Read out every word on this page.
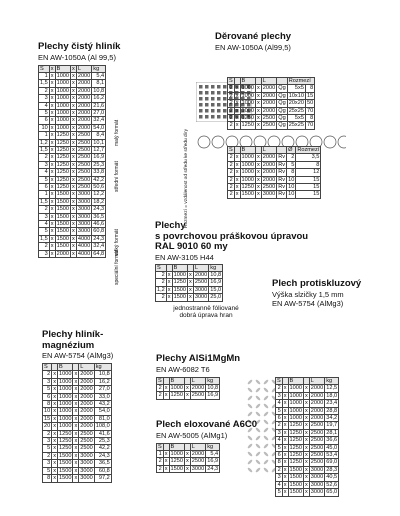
Plechy čistý hliník
EN AW-1050A (Al 99,5)
S	x	B	x	L	kg
1	x	1000	x	2000	5,4
1,5	x	1000	x	2000	8,1
2	x	1000	x	2000	10,8
3	x	1000	x	2000	16,2
4	x	1000	x	2000	21,6
5	x	1000	x	2000	27,0
6	x	1000	x	2000	32,4
10	x	1000	x	2000	54,0
1	x	1250	x	2500	8,4
1,2	x	1250	x	2500	10,1
1,5	x	1250	x	2500	12,7
2	x	1250	x	2500	16,9
3	x	1250	x	2500	25,3
4	x	1250	x	2500	33,8
5	x	1250	x	2500	42,2
6	x	1250	x	2500	50,6
1	x	1500	x	3000	12,2
1,5	x	1500	x	3000	18,2
2	x	1500	x	3000	24,3
3	x	1500	x	3000	36,5
4	x	1500	x	3000	46,6
5	x	1500	x	3000	60,8
1,5	x	1500	x	4000	24,3
2	x	1500	x	4000	32,4
3	x	2000	x	4000	64,8
malý formát
střední formát
velký formát
speciální formát
Děrované plechy
EN AW-1050A (Al99,5)
Rozmezí = vzdálenost od středu ke středu díry
S		B		L		Rozmezí	
2	x	1000	x	2000	Qg	5x5	8
2	x	1000	x	2000	Qg	10x10	15
2	x	1000	x	2000	Qg	20x20	50
2	x	1000	x	2000	Qg	25x25	70
2	x	1250	x	2500	Qg	5x5	8
2	x	1250	x	2500	Qg	25x25	70
S		B		L		Ø	Rozmezí
2	x	1000	x	2000	Rv	2	3,5
2	x	1000	x	2000	Rv	5	8
2	x	1000	x	2000	Rv	8	12
2	x	1000	x	2000	Rv	10	15
2	x	1250	x	2500	Rv	10	15
2	x	1500	x	3000	Rv	10	15
Plechy
s povrchovou práškovou úpravou
RAL 9010 60 my
EN AW-3105 H44
S		B		L	kg
2	x	1000	x	2000	10,8
2	x	1250	x	2500	16,9
1,2	x	1500	x	3000	15,0
2	x	1500	x	3000	25,0
jednostranně fóliované
dobrá úprava hran
Plech protiskluzový
Výška slzičky 1,5 mm
EN AW-5754 (AlMg3)
S		B		L	kg
2	x	1000	x	2000	12,5
3	x	1000	x	2000	18,0
4	x	1000	x	2000	23,4
5	x	1000	x	2000	28,8
6	x	1000	x	2000	34,2
2	x	1250	x	2500	19,7
3	x	1250	x	2500	28,1
4	x	1250	x	2500	36,6
5	x	1250	x	2500	45,0
6	x	1250	x	2500	53,4
8	x	1250	x	2500	69,0
2	x	1500	x	3000	28,3
3	x	1500	x	3000	40,5
4	x	1500	x	3000	52,6
5	x	1500	x	3000	65,0
Plechy hliník-
magnézium
EN AW-5754 (AlMg3)
S		B		L	kg
2	x	1000	x	2000	10,8
3	x	1000	x	2000	16,2
5	x	1000	x	2000	27,0
6	x	1000	x	2000	33,0
8	x	1000	x	2000	43,2
10	x	1000	x	2000	54,0
15	x	1000	x	2000	81,0
20	x	1000	x	2000	108,0
2	x	1250	x	2500	41,6
3	x	1250	x	2500	25,3
5	x	1250	x	2500	42,2
2	x	1500	x	3000	24,3
3	x	1500	x	3000	36,5
5	x	1500	x	3000	60,8
8	x	1500	x	3000	97,2
Plechy AlSi1MgMn
EN AW-6082 T6
S		B		L	kg
2	x	1000	x	2000	10,8
2	x	1250	x	2500	16,9
Plech eloxované A6C0
EN AW-5005 (AlMg1)
S		B		L	kg
1	x	1000	x	2000	5,4
2	x	1250	x	2500	16,9
2	x	1500	x	3000	24,3
